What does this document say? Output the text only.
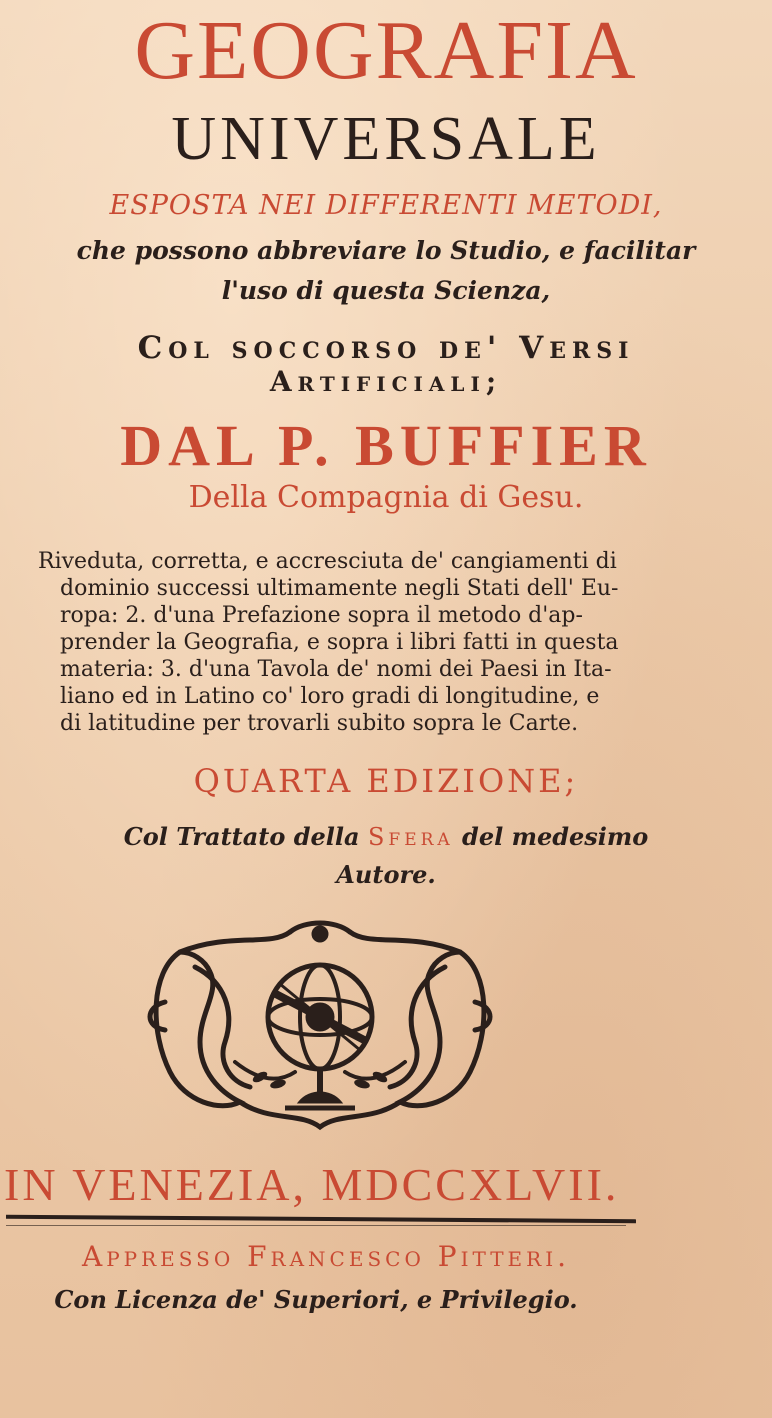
GEOGRAFIA
UNIVERSALE
ESPOSTA NEI DIFFERENTI METODI,
che possono abbreviare lo Studio, e facilitar
l'uso di questa Scienza,
Col soccorso de' Versi
Artificiali;
DAL P. BUFFIER
Della Compagnia di Gesu.
Riveduta, corretta, e accresciuta de' cangiamenti di
dominio successi ultimamente negli Stati dell' Eu-
ropa: 2. d'una Prefazione sopra il metodo d'ap-
prender la Geografia, e sopra i libri fatti in questa
materia: 3. d'una Tavola de' nomi dei Paesi in Ita-
liano ed in Latino co' loro gradi di longitudine, e
di latitudine per trovarli subito sopra le Carte.
QUARTA EDIZIONE;
Col Trattato della Sfera del medesimo
Autore.
IN VENEZIA, MDCCXLVII.
Appresso Francesco Pitteri.
Con Licenza de' Superiori, e Privilegio.
